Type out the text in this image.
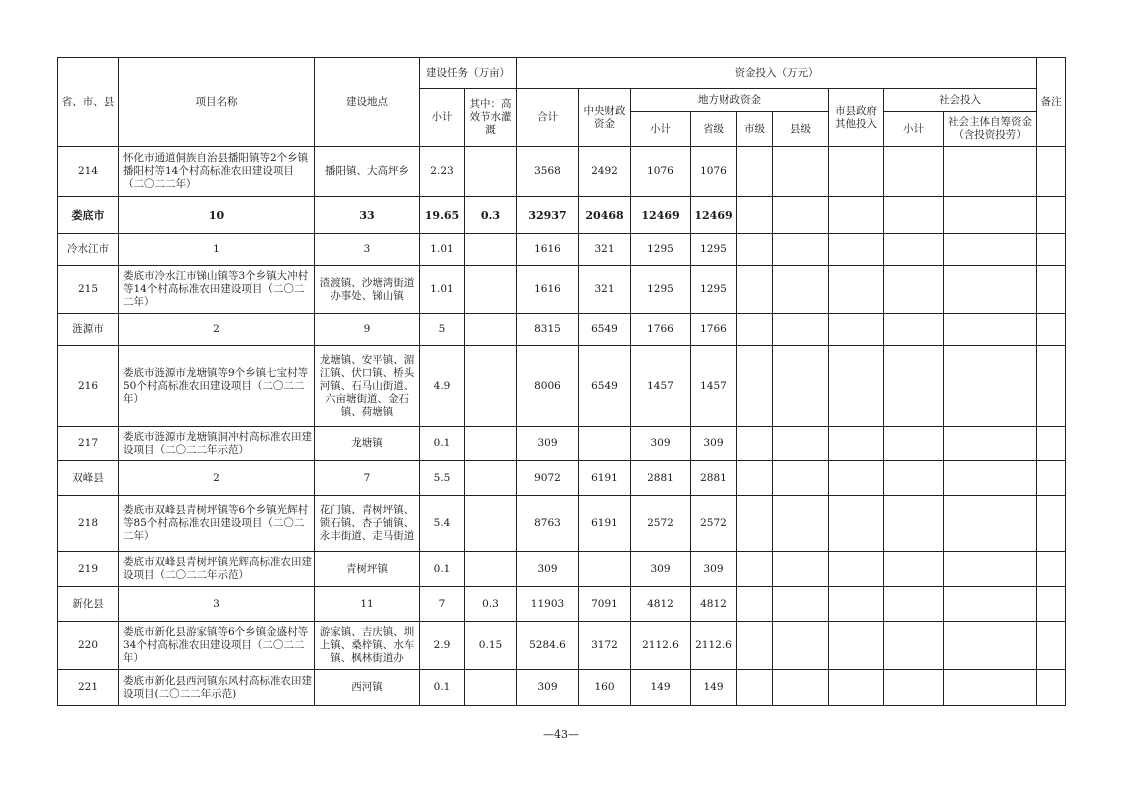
省、市、县	项目名称	建设地点	建设任务（万亩）		资金投入（万元）									备注
			小计	其中：高效节水灌溉	合计	中央财政资金	地方财政资金				市县政府其他投入	社会投入		
							小计	省级	市级	县级		小计	社会主体自筹资金（含投资投劳）	
214	怀化市通道侗族自治县播阳镇等2个乡镇播阳村等14个村高标准农田建设项目（二〇二二年）	播阳镇、大高坪乡	2.23		3568	2492	1076	1076						
娄底市	10	33	19.65	0.3	32937	20468	12469	12469						
冷水江市	1	3	1.01		1616	321	1295	1295						
215	娄底市冷水江市锑山镇等3个乡镇大冲村等14个村高标准农田建设项目（二〇二二年）	渣渡镇、沙塘湾街道办事处、锑山镇	1.01		1616	321	1295	1295						
涟源市	2	9	5		8315	6549	1766	1766						
216	娄底市涟源市龙塘镇等9个乡镇七宝村等50个村高标准农田建设项目（二〇二二年）	龙塘镇、安平镇、湄江镇、伏口镇、桥头河镇、石马山街道、六亩塘街道、金石镇、荷塘镇	4.9		8006	6549	1457	1457						
217	娄底市涟源市龙塘镇洞冲村高标准农田建设项目（二〇二二年示范）	龙塘镇	0.1		309		309	309						
双峰县	2	7	5.5		9072	6191	2881	2881						
218	娄底市双峰县青树坪镇等6个乡镇光辉村等85个村高标准农田建设项目（二〇二二年）	花门镇、青树坪镇、锁石镇、杏子铺镇、永丰街道、走马街道	5.4		8763	6191	2572	2572						
219	娄底市双峰县青树坪镇光辉高标准农田建设项目（二〇二二年示范）	青树坪镇	0.1		309		309	309						
新化县	3	11	7	0.3	11903	7091	4812	4812						
220	娄底市新化县游家镇等6个乡镇金盛村等34个村高标准农田建设项目（二〇二二年）	游家镇、吉庆镇、圳上镇、桑梓镇、水车镇、枫林街道办	2.9	0.15	5284.6	3172	2112.6	2112.6						
221	娄底市新化县西河镇东风村高标准农田建设项目(二〇二二年示范)	西河镇	0.1		309	160	149	149						
—43—
